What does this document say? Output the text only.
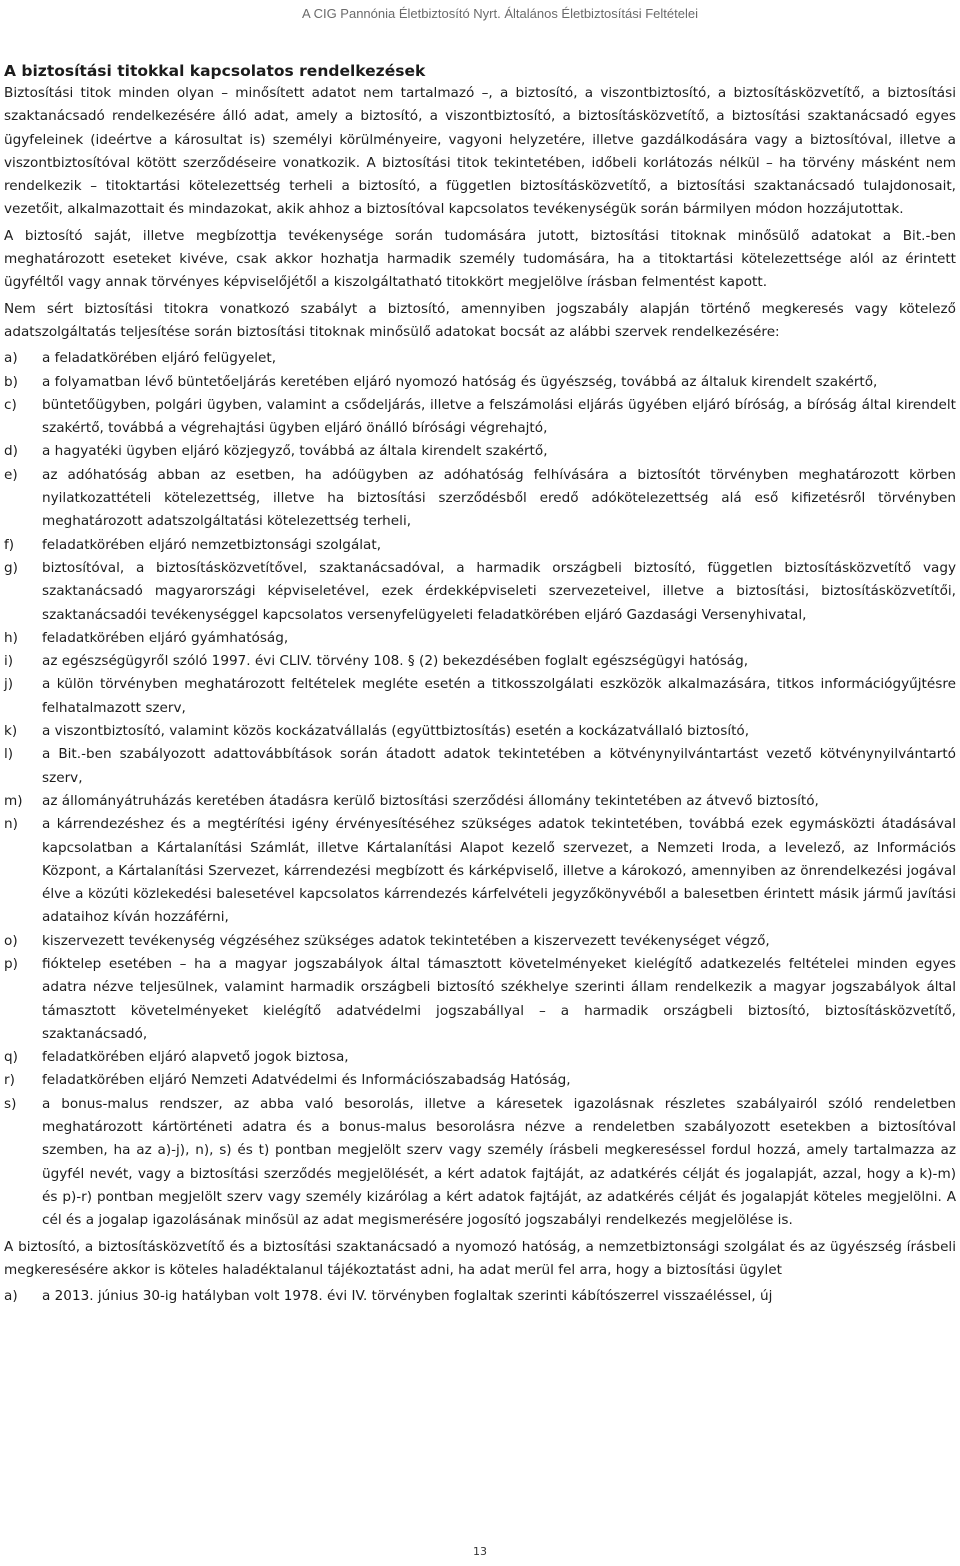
A CIG Pannónia Életbiztosító Nyrt. Általános Életbiztosítási Feltételei
A biztosítási titokkal kapcsolatos rendelkezések

Biztosítási titok minden olyan – minősített adatot nem tartalmazó –, a biztosító, a viszontbiztosító, a biztosításközvetítő, a biztosítási szaktanácsadó rendelkezésére álló adat, amely a biztosító, a viszontbiztosító, a biztosításközvetítő, a biztosítási szaktanácsadó egyes ügyfeleinek (ideértve a károsultat is) személyi körülményeire, vagyoni helyzetére, illetve gazdálkodására vagy a biztosítóval, illetve a viszontbiztosítóval kötött szerződéseire vonatkozik. A biztosítási titok tekintetében, időbeli korlátozás nélkül – ha törvény másként nem rendelkezik – titoktartási kötelezettség terheli a biztosító, a független biztosításközvetítő, a biztosítási szaktanácsadó tulajdonosait, vezetőit, alkalmazottait és mindazokat, akik ahhoz a biztosítóval kapcsolatos tevékenységük során bármilyen módon hozzájutottak.

A biztosító saját, illetve megbízottja tevékenysége során tudomására jutott, biztosítási titoknak minősülő adatokat a Bit.-ben meghatározott eseteket kivéve, csak akkor hozhatja harmadik személy tudomására, ha a titoktartási kötelezettsége alól az érintett ügyféltől vagy annak törvényes képviselőjétől a kiszolgáltatható titokkört megjelölve írásban felmentést kapott.

Nem sért biztosítási titokra vonatkozó szabályt a biztosító, amennyiben jogszabály alapján történő megkeresés vagy kötelező adatszolgáltatás teljesítése során biztosítási titoknak minősülő adatokat bocsát az alábbi szervek rendelkezésére:

a)	a feladatkörében eljáró felügyelet,
b)	a folyamatban lévő büntetőeljárás keretében eljáró nyomozó hatóság és ügyészség, továbbá az általuk kirendelt szakértő,
c)	büntetőügyben, polgári ügyben, valamint a csődeljárás, illetve a felszámolási eljárás ügyében eljáró bíróság, a bíróság által kirendelt szakértő, továbbá a végrehajtási ügyben eljáró önálló bírósági végrehajtó,
d)	a hagyatéki ügyben eljáró közjegyző, továbbá az általa kirendelt szakértő,
e)	az adóhatóság abban az esetben, ha adóügyben az adóhatóság felhívására a biztosítót törvényben meghatározott körben nyilatkozattételi kötelezettség, illetve ha biztosítási szerződésből eredő adókötelezettség alá eső kifizetésről törvényben meghatározott adatszolgáltatási kötelezettség terheli,
f)	feladatkörében eljáró nemzetbiztonsági szolgálat,
g)	biztosítóval, a biztosításközvetítővel, szaktanácsadóval, a harmadik országbeli biztosító, független biztosításközvetítő vagy szaktanácsadó magyarországi képviseletével, ezek érdekképviseleti szervezeteivel, illetve a biztosítási, biztosításközvetítői, szaktanácsadói tevékenységgel kapcsolatos versenyfelügyeleti feladatkörében eljáró Gazdasági Versenyhivatal,
h)	feladatkörében eljáró gyámhatóság,
i)	az egészségügyről szóló 1997. évi CLIV. törvény 108. § (2) bekezdésében foglalt egészségügyi hatóság,
j)	a külön törvényben meghatározott feltételek megléte esetén a titkosszolgálati eszközök alkalmazására, titkos információgyűjtésre felhatalmazott szerv,
k)	a viszontbiztosító, valamint közös kockázatvállalás (együttbiztosítás) esetén a kockázatvállaló biztosító,
l)	a Bit.-ben szabályozott adattovábbítások során átadott adatok tekintetében a kötvénynyilvántartást vezető kötvénynyilvántartó szerv,
m)	az állományátruházás keretében átadásra kerülő biztosítási szerződési állomány tekintetében az átvevő biztosító,
n)	a kárrendezéshez és a megtérítési igény érvényesítéséhez szükséges adatok tekintetében, továbbá ezek egymásközti átadásával kapcsolatban a Kártalanítási Számlát, illetve Kártalanítási Alapot kezelő szervezet, a Nemzeti Iroda, a levelező, az Információs Központ, a Kártalanítási Szervezet, kárrendezési megbízott és kárképviselő, illetve a károkozó, amennyiben az önrendelkezési jogával élve a közúti közlekedési balesetével kapcsolatos kárrendezés kárfelvételi jegyzőkönyvéből a balesetben érintett másik jármű javítási adataihoz kíván hozzáférni,
o)	kiszervezett tevékenység végzéséhez szükséges adatok tekintetében a kiszervezett tevékenységet végző,
p)	fióktelep esetében – ha a magyar jogszabályok által támasztott követelményeket kielégítő adatkezelés feltételei minden egyes adatra nézve teljesülnek, valamint harmadik országbeli biztosító székhelye szerinti állam rendelkezik a magyar jogszabályok által támasztott követelményeket kielégítő adatvédelmi jogszabállyal – a harmadik országbeli biztosító, biztosításközvetítő, szaktanácsadó,
q)	feladatkörében eljáró alapvető jogok biztosa,
r)	feladatkörében eljáró Nemzeti Adatvédelmi és Információszabadság Hatóság,
s)	a bonus-malus rendszer, az abba való besorolás, illetve a káresetek igazolásnak részletes szabályairól szóló rendeletben meghatározott kártörténeti adatra és a bonus-malus besorolásra nézve a rendeletben szabályozott esetekben a biztosítóval szemben, ha az a)-j), n), s) és t) pontban megjelölt szerv vagy személy írásbeli megkereséssel fordul hozzá, amely tartalmazza az ügyfél nevét, vagy a biztosítási szerződés megjelölését, a kért adatok fajtáját, az adatkérés célját és jogalapját, azzal, hogy a k)-m) és p)-r) pontban megjelölt szerv vagy személy kizárólag a kért adatok fajtáját, az adatkérés célját és jogalapját köteles megjelölni. A cél és a jogalap igazolásának minősül az adat megismerésére jogosító jogszabályi rendelkezés megjelölése is.

A biztosító, a biztosításközvetítő és a biztosítási szaktanácsadó a nyomozó hatóság, a nemzetbiztonsági szolgálat és az ügyészség írásbeli megkeresésére akkor is köteles haladéktalanul tájékoztatást adni, ha adat merül fel arra, hogy a biztosítási ügylet

a)	a 2013. június 30-ig hatályban volt 1978. évi IV. törvényben foglaltak szerinti kábítószerrel visszaéléssel, új
13
